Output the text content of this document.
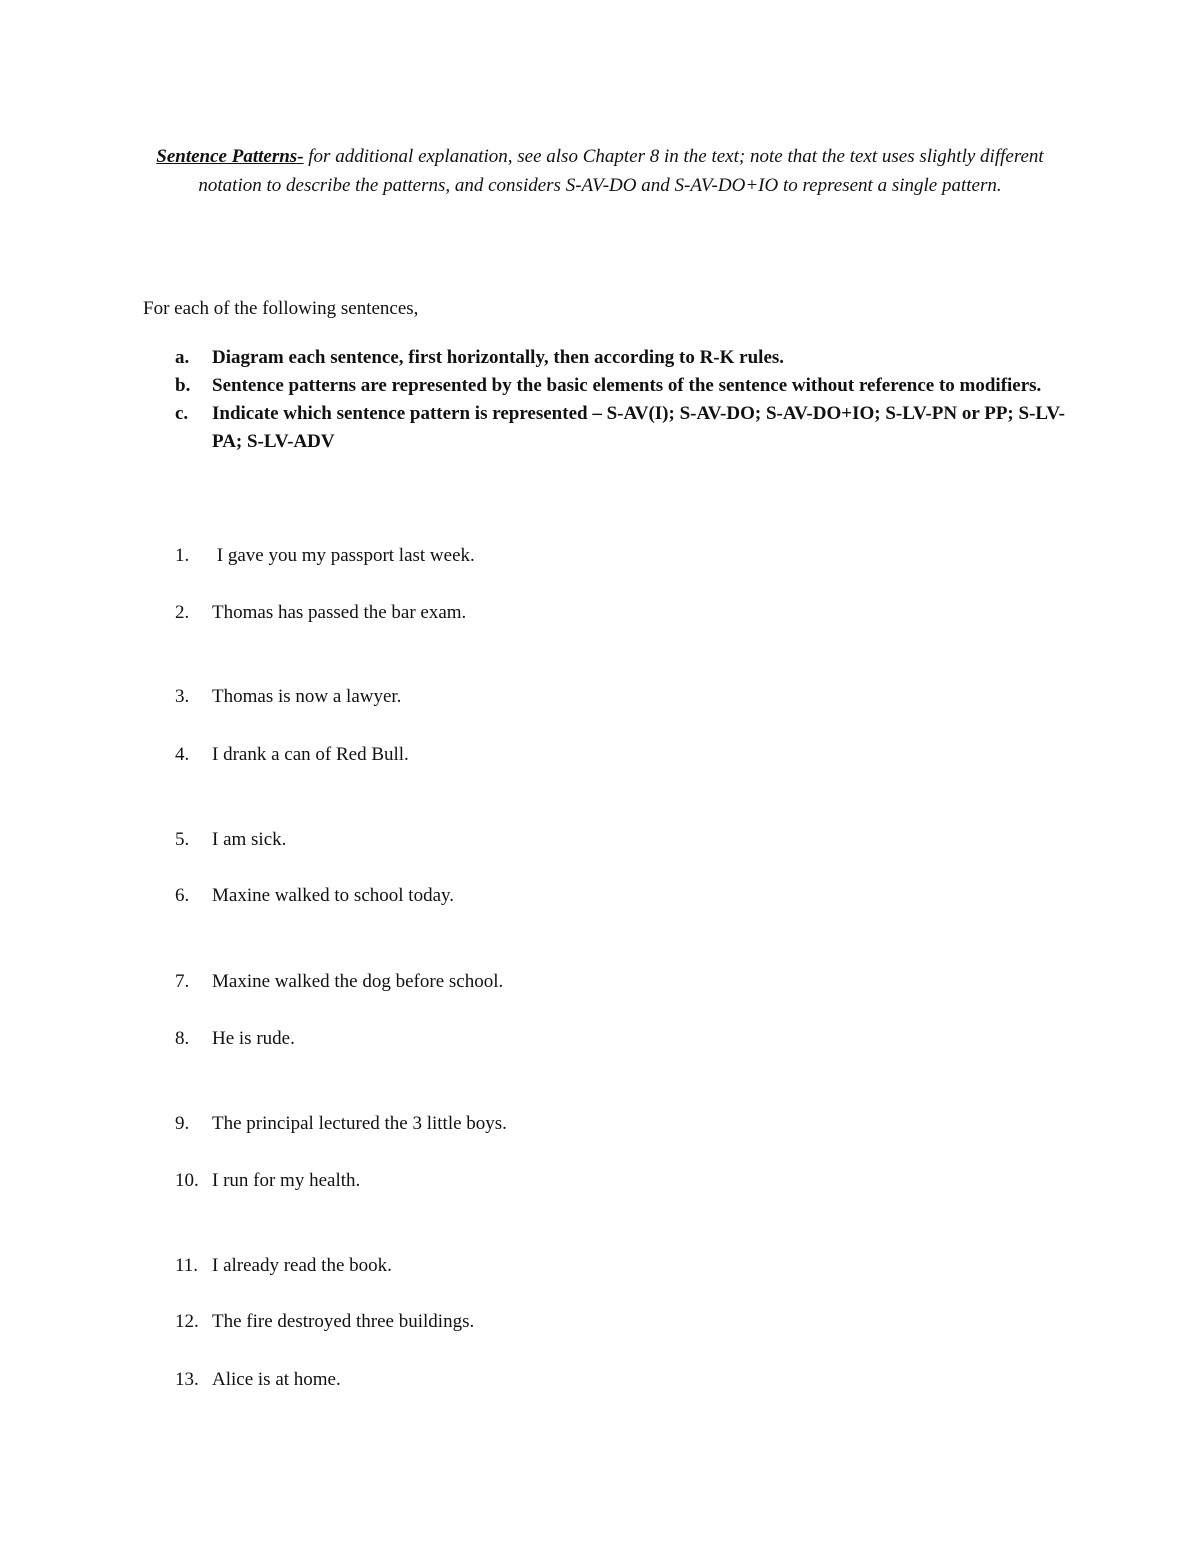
Sentence Patterns- for additional explanation, see also Chapter 8 in the text; note that the text uses slightly different notation to describe the patterns, and considers S-AV-DO and S-AV-DO+IO to represent a single pattern.
For each of the following sentences,
a. Diagram each sentence, first horizontally, then according to R-K rules.
b. Sentence patterns are represented by the basic elements of the sentence without reference to modifiers.
c. Indicate which sentence pattern is represented – S-AV(I); S-AV-DO; S-AV-DO+IO; S-LV-PN or PP; S-LV-PA; S-LV-ADV
1. I gave you my passport last week.
2. Thomas has passed the bar exam.
3. Thomas is now a lawyer.
4. I drank a can of Red Bull.
5. I am sick.
6. Maxine walked to school today.
7. Maxine walked the dog before school.
8. He is rude.
9. The principal lectured the 3 little boys.
10. I run for my health.
11. I already read the book.
12. The fire destroyed three buildings.
13. Alice is at home.
